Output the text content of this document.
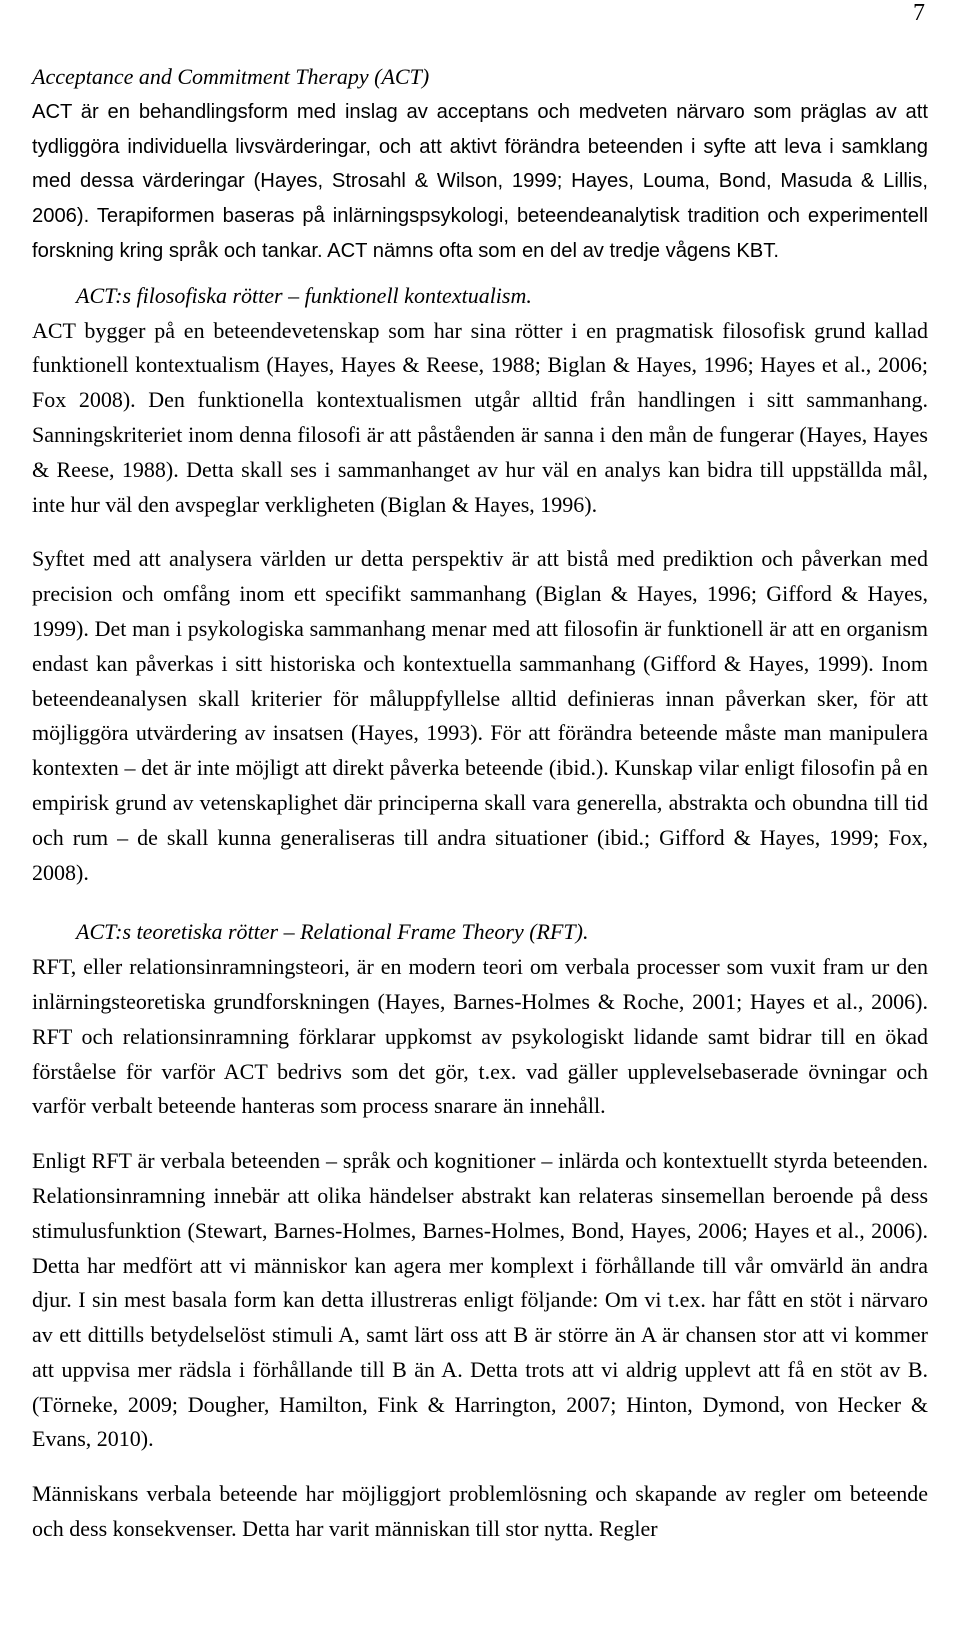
7
Acceptance and Commitment Therapy (ACT)

ACT är en behandlingsform med inslag av acceptans och medveten närvaro som präglas av att tydliggöra individuella livsvärderingar, och att aktivt förändra beteenden i syfte att leva i samklang med dessa värderingar (Hayes, Strosahl & Wilson, 1999; Hayes, Louma, Bond, Masuda & Lillis, 2006). Terapiformen baseras på inlärningspsykologi, beteendeanalytisk tradition och experimentell forskning kring språk och tankar. ACT nämns ofta som en del av tredje vågens KBT.

ACT:s filosofiska rötter – funktionell kontextualism.

ACT bygger på en beteendevetenskap som har sina rötter i en pragmatisk filosofisk grund kallad funktionell kontextualism (Hayes, Hayes & Reese, 1988; Biglan & Hayes, 1996; Hayes et al., 2006; Fox 2008). Den funktionella kontextualismen utgår alltid från handlingen i sitt sammanhang. Sanningskriteriet inom denna filosofi är att påståenden är sanna i den mån de fungerar (Hayes, Hayes & Reese, 1988). Detta skall ses i sammanhanget av hur väl en analys kan bidra till uppställda mål, inte hur väl den avspeglar verkligheten (Biglan & Hayes, 1996).

Syftet med att analysera världen ur detta perspektiv är att bistå med prediktion och påverkan med precision och omfång inom ett specifikt sammanhang (Biglan & Hayes, 1996; Gifford & Hayes, 1999). Det man i psykologiska sammanhang menar med att filosofin är funktionell är att en organism endast kan påverkas i sitt historiska och kontextuella sammanhang (Gifford & Hayes, 1999). Inom beteendeanalysen skall kriterier för måluppfyllelse alltid definieras innan påverkan sker, för att möjliggöra utvärdering av insatsen (Hayes, 1993). För att förändra beteende måste man manipulera kontexten – det är inte möjligt att direkt påverka beteende (ibid.). Kunskap vilar enligt filosofin på en empirisk grund av vetenskaplighet där principerna skall vara generella, abstrakta och obundna till tid och rum – de skall kunna generaliseras till andra situationer (ibid.; Gifford & Hayes, 1999; Fox, 2008).

ACT:s teoretiska rötter – Relational Frame Theory (RFT).

RFT, eller relationsinramningsteori, är en modern teori om verbala processer som vuxit fram ur den inlärningsteoretiska grundforskningen (Hayes, Barnes-Holmes & Roche, 2001; Hayes et al., 2006). RFT och relationsinramning förklarar uppkomst av psykologiskt lidande samt bidrar till en ökad förståelse för varför ACT bedrivs som det gör, t.ex. vad gäller upplevelsebaserade övningar och varför verbalt beteende hanteras som process snarare än innehåll.

Enligt RFT är verbala beteenden – språk och kognitioner – inlärda och kontextuellt styrda beteenden. Relationsinramning innebär att olika händelser abstrakt kan relateras sinsemellan beroende på dess stimulusfunktion (Stewart, Barnes-Holmes, Barnes-Holmes, Bond, Hayes, 2006; Hayes et al., 2006). Detta har medfört att vi människor kan agera mer komplext i förhållande till vår omvärld än andra djur. I sin mest basala form kan detta illustreras enligt följande: Om vi t.ex. har fått en stöt i närvaro av ett dittills betydelselöst stimuli A, samt lärt oss att B är större än A är chansen stor att vi kommer att uppvisa mer rädsla i förhållande till B än A. Detta trots att vi aldrig upplevt att få en stöt av B. (Törneke, 2009; Dougher, Hamilton, Fink & Harrington, 2007; Hinton, Dymond, von Hecker & Evans, 2010).

Människans verbala beteende har möjliggjort problemlösning och skapande av regler om beteende och dess konsekvenser. Detta har varit människan till stor nytta. Regler
